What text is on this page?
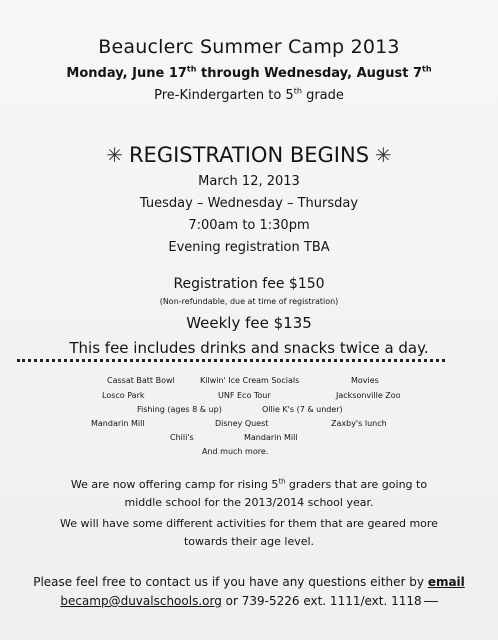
Beauclerc Summer Camp 2013
Monday, June 17th through Wednesday, August 7th
Pre-Kindergarten to 5th grade
✳ REGISTRATION BEGINS ✳
March 12, 2013
Tuesday – Wednesday – Thursday
7:00am to 1:30pm
Evening registration TBA
Registration fee $150
(Non-refundable, due at time of registration)
Weekly fee $135
This fee includes drinks and snacks twice a day.
Cassat Batt Bowl	Kilwin' Ice Cream Socials	Movies
Losco Park	UNF Eco Tour	Jacksonville Zoo
Fishing (ages 8 & up)	Ollie K's (7 & under)
Mandarin Mill	Disney Quest	Zaxby's lunch
Chili's	Mandarin Mill
And much more.
We are now offering camp for rising 5th graders that are going to
middle school for the 2013/2014 school year.
We will have some different activities for them that are geared more
towards their age level.
Please feel free to contact us if you have any questions either by email
becamp@duvalschools.org or 739-5226 ext. 1111/ext. 1118
